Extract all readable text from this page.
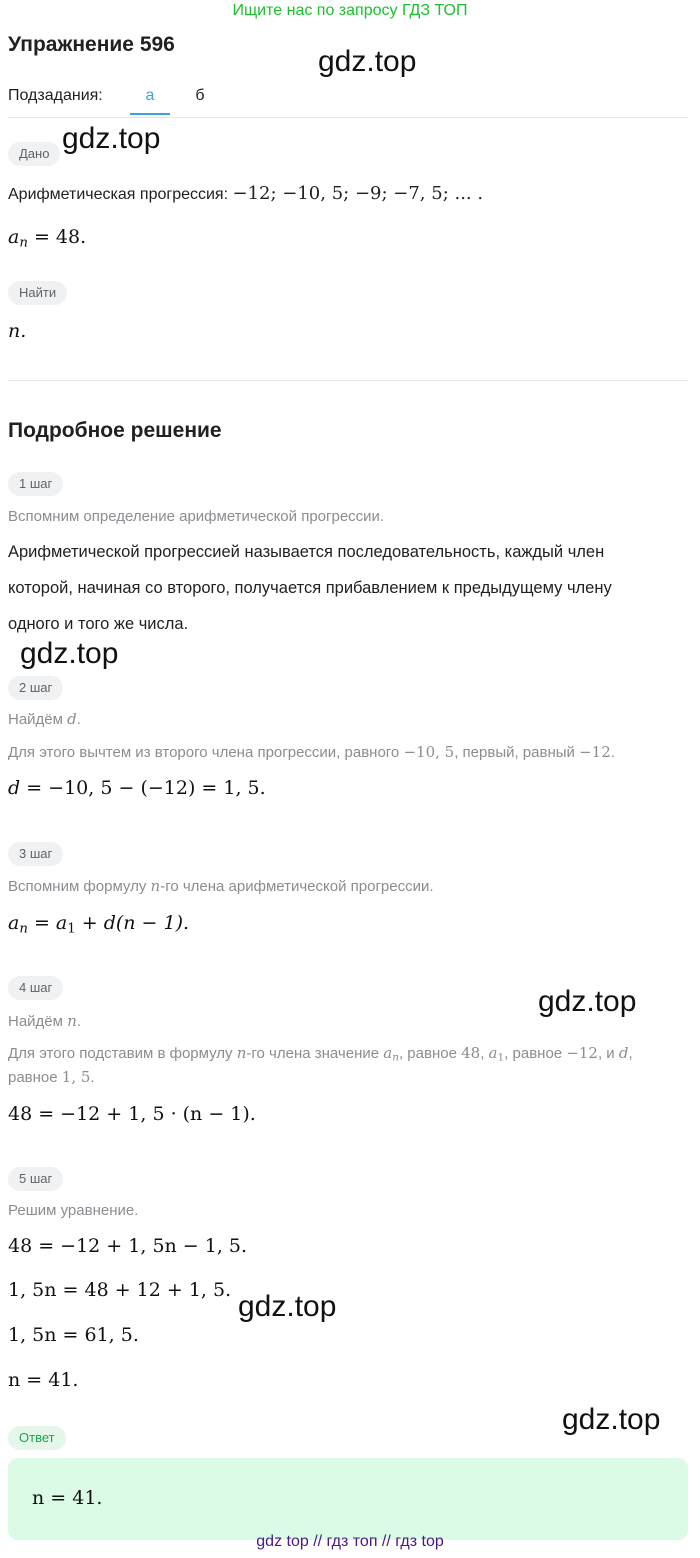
Ищите нас по запросу ГДЗ ТОП
Упражнение 596
gdz.top
gdz.top
gdz.top
gdz.top
gdz.top
gdz.top
Подзадания:	а	б
Дано
Арифметическая прогрессия: −12; −10, 5; −9; −7, 5; ... .
$a_n = 48$.
Найти
n.
Подробное решение
1 шаг
Вспомним определение арифметической прогрессии.
Арифметической прогрессией называется последовательность, каждый член
которой, начиная со второго, получается прибавлением к предыдущему члену
одного и того же числа.
2 шаг
Найдём d.
Для этого вычтем из второго члена прогрессии, равного −10, 5, первый, равный −12.
d = −10, 5 − (−12) = 1, 5.
3 шаг
Вспомним формулу n-го члена арифметической прогрессии.
$a_n = a_1 + d(n - 1)$.
4 шаг
Найдём n.
Для этого подставим в формулу n-го члена значение $a_n$, равное 48, $a_1$, равное −12, и d,
равное 1, 5.
48 = −12 + 1, 5 · (n − 1).
5 шаг
Решим уравнение.
48 = −12 + 1, 5n − 1, 5.
1, 5n = 48 + 12 + 1, 5.
1, 5n = 61, 5.
n = 41.
Ответ
n = 41.
gdz top // гдз топ // гдз top
